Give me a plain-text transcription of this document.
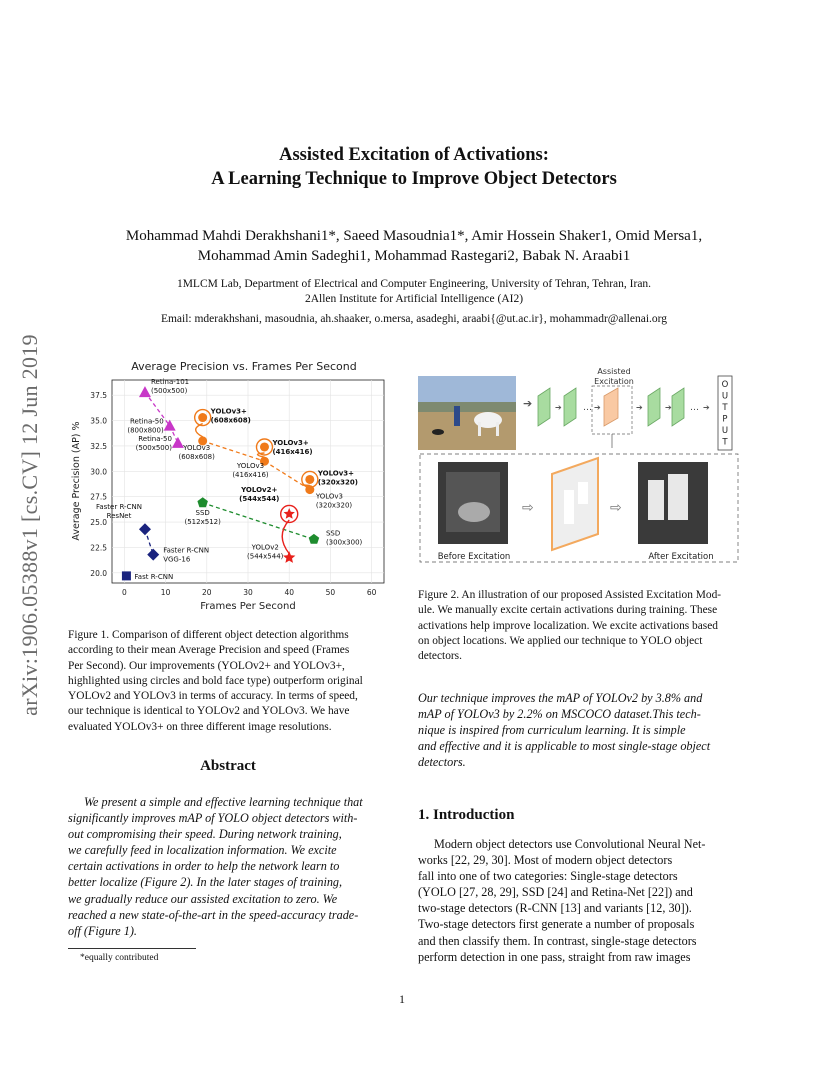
arXiv:1906.05388v1 [cs.CV] 12 Jun 2019
Assisted Excitation of Activations:
A Learning Technique to Improve Object Detectors
Mohammad Mahdi Derakhshani1*, Saeed Masoudnia1*, Amir Hossein Shaker1, Omid Mersa1,
Mohammad Amin Sadeghi1, Mohammad Rastegari2, Babak N. Araabi1
1MLCM Lab, Department of Electrical and Computer Engineering, University of Tehran, Tehran, Iran.
2Allen Institute for Artificial Intelligence (AI2)
Email: mderakhshani, masoudnia, ah.shaaker, o.mersa, asadeghi, araabi{@ut.ac.ir}, mohammadr@allenai.org
Average Precision vs. Frames Per Second
0	10	20	30	40	50	60
20.0
22.5
25.0
27.5
30.0
32.5
35.0
37.5
Retina-101 (500x500)
Retina-50 (800x800)
Retina-50 (500x500)	YOLOv3 (608x608)
YOLOv3 (416x416)
YOLOv3 (320x320)
YOLOv3+ (608x608)
YOLOv3+ (416x416)
YOLOv3+ (320x320)
SSD (512x512)
SSD (300x300)
YOLOv2 (544x544)
YOLOv2+ (544x544)
Faster R-CNN ResNet
Faster R-CNN VGG-16
Fast R-CNN
Frames Per Second
Average Precision (AP) %
➔	➔ … ➔
Assisted
Excitation
➔	➔ … ➔
O U T P U T
⇨	⇨
Before Excitation	After Excitation
Figure 1. Comparison of different object detection algorithms
according to their mean Average Precision and speed (Frames
Per Second). Our improvements (YOLOv2+ and YOLOv3+,
highlighted using circles and bold face type) outperform original
YOLOv2 and YOLOv3 in terms of accuracy. In terms of speed,
our technique is identical to YOLOv2 and YOLOv3. We have
evaluated YOLOv3+ on three different image resolutions.
Figure 2. An illustration of our proposed Assisted Excitation Mod-
ule. We manually excite certain activations during training. These
activations help improve localization. We excite activations based
on object locations. We applied our technique to YOLO object
detectors.
Our technique improves the mAP of YOLOv2 by 3.8% and
mAP of YOLOv3 by 2.2% on MSCOCO dataset.This tech-
nique is inspired from curriculum learning. It is simple
and effective and it is applicable to most single-stage object
detectors.
Abstract
We present a simple and effective learning technique that
significantly improves mAP of YOLO object detectors with-
out compromising their speed. During network training,
we carefully feed in localization information. We excite
certain activations in order to help the network learn to
better localize (Figure 2). In the later stages of training,
we gradually reduce our assisted excitation to zero. We
reached a new state-of-the-art in the speed-accuracy trade-
off (Figure 1).
*equally contributed
1. Introduction
Modern object detectors use Convolutional Neural Net-
works [22, 29, 30]. Most of modern object detectors
fall into one of two categories: Single-stage detectors
(YOLO [27, 28, 29], SSD [24] and Retina-Net [22]) and
two-stage detectors (R-CNN [13] and variants [12, 30]).
Two-stage detectors first generate a number of proposals
and then classify them. In contrast, single-stage detectors
perform detection in one pass, straight from raw images
1
